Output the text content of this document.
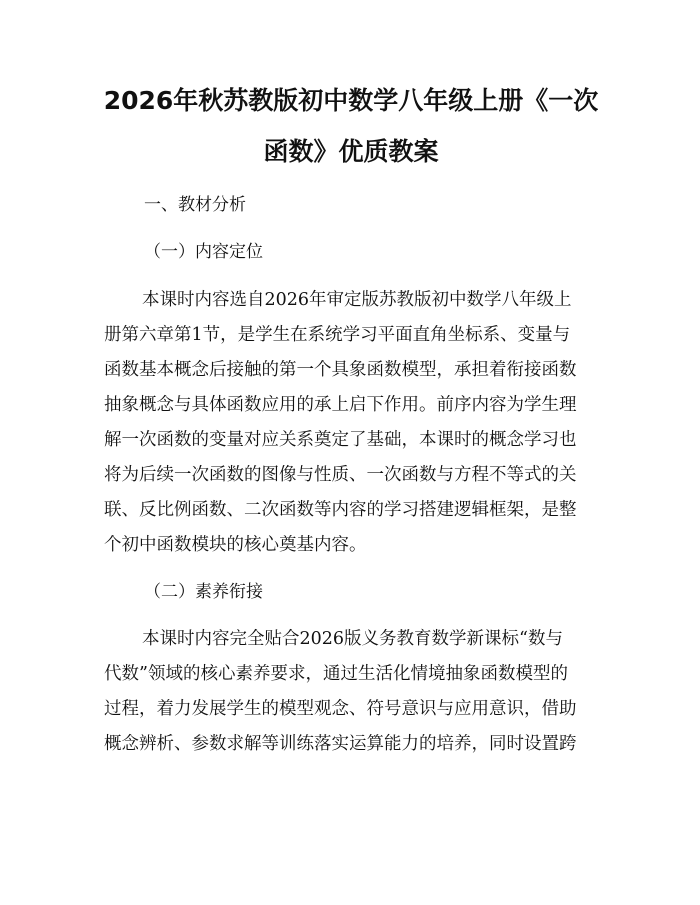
2026年秋苏教版初中数学八年级上册《一次
函数》优质教案

一、教材分析

（一）内容定位

本课时内容选自2026年审定版苏教版初中数学八年级上

册第六章第1节，是学生在系统学习平面直角坐标系、变量与

函数基本概念后接触的第一个具象函数模型，承担着衔接函数

抽象概念与具体函数应用的承上启下作用。前序内容为学生理

解一次函数的变量对应关系奠定了基础，本课时的概念学习也

将为后续一次函数的图像与性质、一次函数与方程不等式的关

联、反比例函数、二次函数等内容的学习搭建逻辑框架，是整

个初中函数模块的核心奠基内容。

（二）素养衔接

本课时内容完全贴合2026版义务教育数学新课标“数与

代数”领域的核心素养要求，通过生活化情境抽象函数模型的

过程，着力发展学生的模型观念、符号意识与应用意识，借助

概念辨析、参数求解等训练落实运算能力的培养，同时设置跨
